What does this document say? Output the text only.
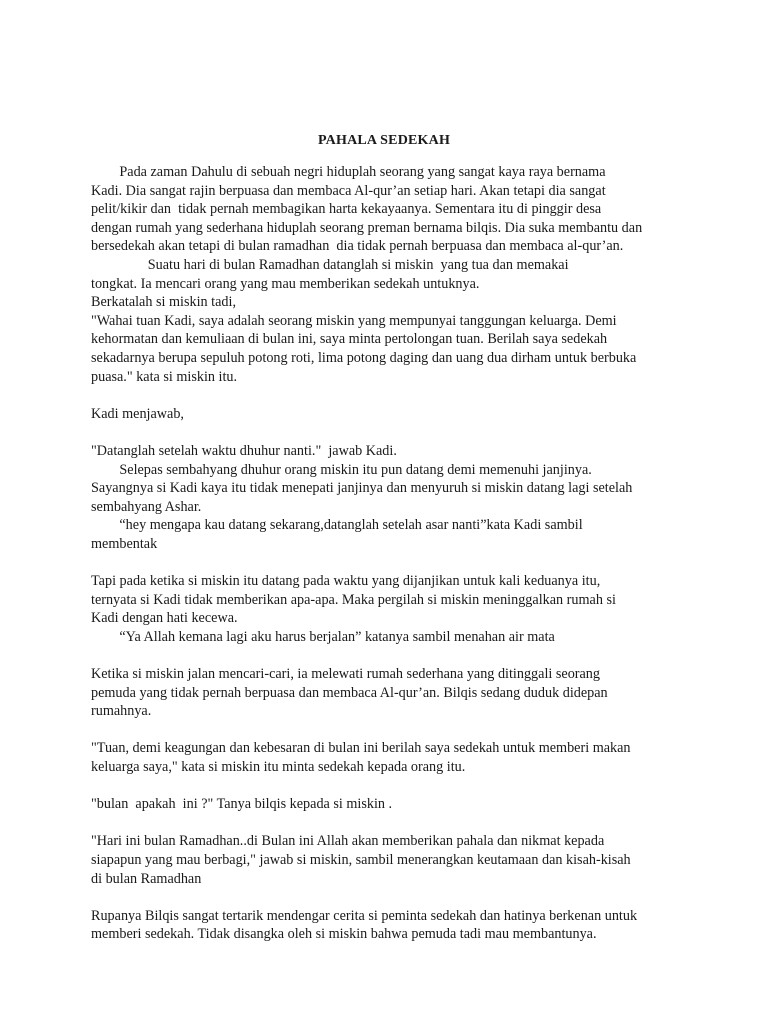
PAHALA SEDEKAH

		Pada zaman Dahulu di sebuah negri hiduplah seorang yang sangat kaya raya bernama

Kadi. Dia sangat rajin berpuasa dan membaca Al-qur’an setiap hari. Akan tetapi dia sangat

pelit/kikir dan  tidak pernah membagikan harta kekayaanya. Sementara itu di pinggir desa

dengan rumah yang sederhana hiduplah seorang preman bernama bilqis. Dia suka membantu dan

bersedekah akan tetapi di bulan ramadhan  dia tidak pernah berpuasa dan membaca al-qur’an.

				Suatu hari di bulan Ramadhan datanglah si miskin  yang tua dan memakai

tongkat. Ia mencari orang yang mau memberikan sedekah untuknya.

Berkatalah si miskin tadi,

"Wahai tuan Kadi, saya adalah seorang miskin yang mempunyai tanggungan keluarga. Demi

kehormatan dan kemuliaan di bulan ini, saya minta pertolongan tuan. Berilah saya sedekah

sekadarnya berupa sepuluh potong roti, lima potong daging dan uang dua dirham untuk berbuka

puasa." kata si miskin itu.

Kadi menjawab,

"Datanglah setelah waktu dhuhur nanti."  jawab Kadi.

		Selepas sembahyang dhuhur orang miskin itu pun datang demi memenuhi janjinya.

Sayangnya si Kadi kaya itu tidak menepati janjinya dan menyuruh si miskin datang lagi setelah

sembahyang Ashar.

		“hey mengapa kau datang sekarang,datanglah setelah asar nanti”kata Kadi sambil

membentak

Tapi pada ketika si miskin itu datang pada waktu yang dijanjikan untuk kali keduanya itu,

ternyata si Kadi tidak memberikan apa-apa. Maka pergilah si miskin meninggalkan rumah si

Kadi dengan hati kecewa.

		“Ya Allah kemana lagi aku harus berjalan” katanya sambil menahan air mata

Ketika si miskin jalan mencari-cari, ia melewati rumah sederhana yang ditinggali seorang

pemuda yang tidak pernah berpuasa dan membaca Al-qur’an. Bilqis sedang duduk didepan

rumahnya.

"Tuan, demi keagungan dan kebesaran di bulan ini berilah saya sedekah untuk memberi makan

keluarga saya," kata si miskin itu minta sedekah kepada orang itu.

"bulan  apakah  ini ?" Tanya bilqis kepada si miskin .

"Hari ini bulan Ramadhan..di Bulan ini Allah akan memberikan pahala dan nikmat kepada

siapapun yang mau berbagi," jawab si miskin, sambil menerangkan keutamaan dan kisah-kisah

di bulan Ramadhan

Rupanya Bilqis sangat tertarik mendengar cerita si peminta sedekah dan hatinya berkenan untuk

memberi sedekah. Tidak disangka oleh si miskin bahwa pemuda tadi mau membantunya.
